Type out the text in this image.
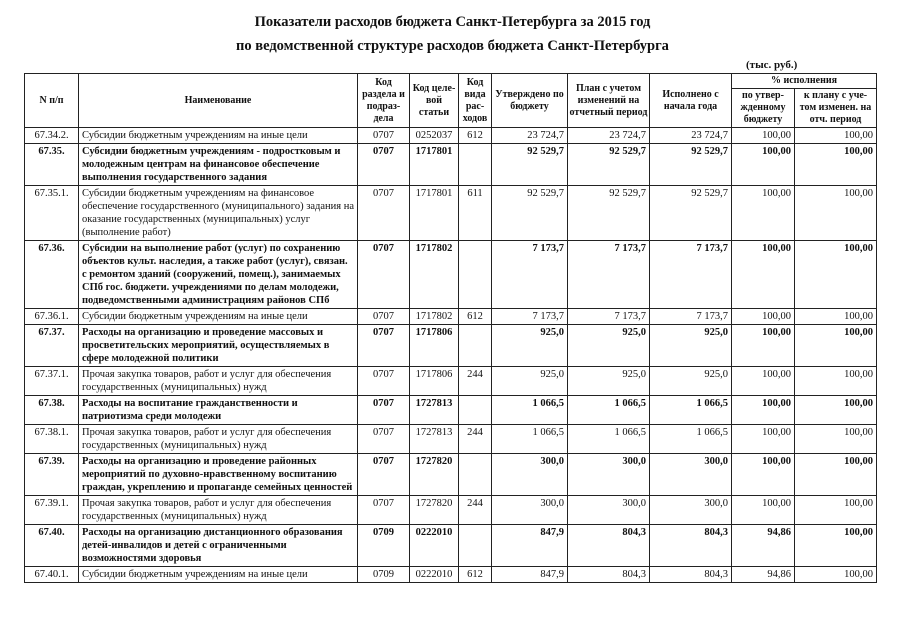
Показатели расходов бюджета Санкт-Петербурга за 2015 год
по ведомственной структуре расходов бюджета Санкт-Петербурга
(тыс. руб.)
N п/п	Наименование	Код раздела и подраз- дела	Код целе- вой статьи	Код вида рас- ходов	Утверждено по бюджету	План с учетом изменений на отчетный период	Исполнено с начала года	% исполнения	
								по утвер- жденному бюджету	к плану с уче- том изменен. на отч. период
67.34.2.	Субсидии бюджетным учреждениям на иные цели	0707	0252037	612	23 724,7	23 724,7	23 724,7	100,00	100,00
67.35.	Субсидии бюджетным учреждениям - подростковым и молодежным центрам на финансовое обеспечение выполнения государственного задания	0707	1717801		92 529,7	92 529,7	92 529,7	100,00	100,00
67.35.1.	Субсидии бюджетным учреждениям на финансовое обеспечение государственного (муниципального) задания на оказание государственных (муниципальных) услуг (выполнение работ)	0707	1717801	611	92 529,7	92 529,7	92 529,7	100,00	100,00
67.36.	Субсидии на выполнение работ (услуг) по сохранению объектов культ. наследия, а также работ (услуг), связан. с ремонтом зданий (сооружений, помещ.), занимаемых СПб гос. бюджети. учреждениями по делам молодежи, подведомственными администрациям районов СПб	0707	1717802		7 173,7	7 173,7	7 173,7	100,00	100,00
67.36.1.	Субсидии бюджетным учреждениям на иные цели	0707	1717802	612	7 173,7	7 173,7	7 173,7	100,00	100,00
67.37.	Расходы на организацию и проведение массовых и просветительских мероприятий, осуществляемых в сфере молодежной политики	0707	1717806		925,0	925,0	925,0	100,00	100,00
67.37.1.	Прочая закупка товаров, работ и услуг для обеспечения государственных (муниципальных) нужд	0707	1717806	244	925,0	925,0	925,0	100,00	100,00
67.38.	Расходы на воспитание гражданственности и патриотизма среди молодежи	0707	1727813		1 066,5	1 066,5	1 066,5	100,00	100,00
67.38.1.	Прочая закупка товаров, работ и услуг для обеспечения государственных (муниципальных) нужд	0707	1727813	244	1 066,5	1 066,5	1 066,5	100,00	100,00
67.39.	Расходы на организацию и проведение районных мероприятий по духовно-нравственному воспитанию граждан, укреплению и пропаганде семейных ценностей	0707	1727820		300,0	300,0	300,0	100,00	100,00
67.39.1.	Прочая закупка товаров, работ и услуг для обеспечения государственных (муниципальных) нужд	0707	1727820	244	300,0	300,0	300,0	100,00	100,00
67.40.	Расходы на организацию дистанционного образования детей-инвалидов и детей с ограниченными возможностями здоровья	0709	0222010		847,9	804,3	804,3	94,86	100,00
67.40.1.	Субсидии бюджетным учреждениям на иные цели	0709	0222010	612	847,9	804,3	804,3	94,86	100,00
